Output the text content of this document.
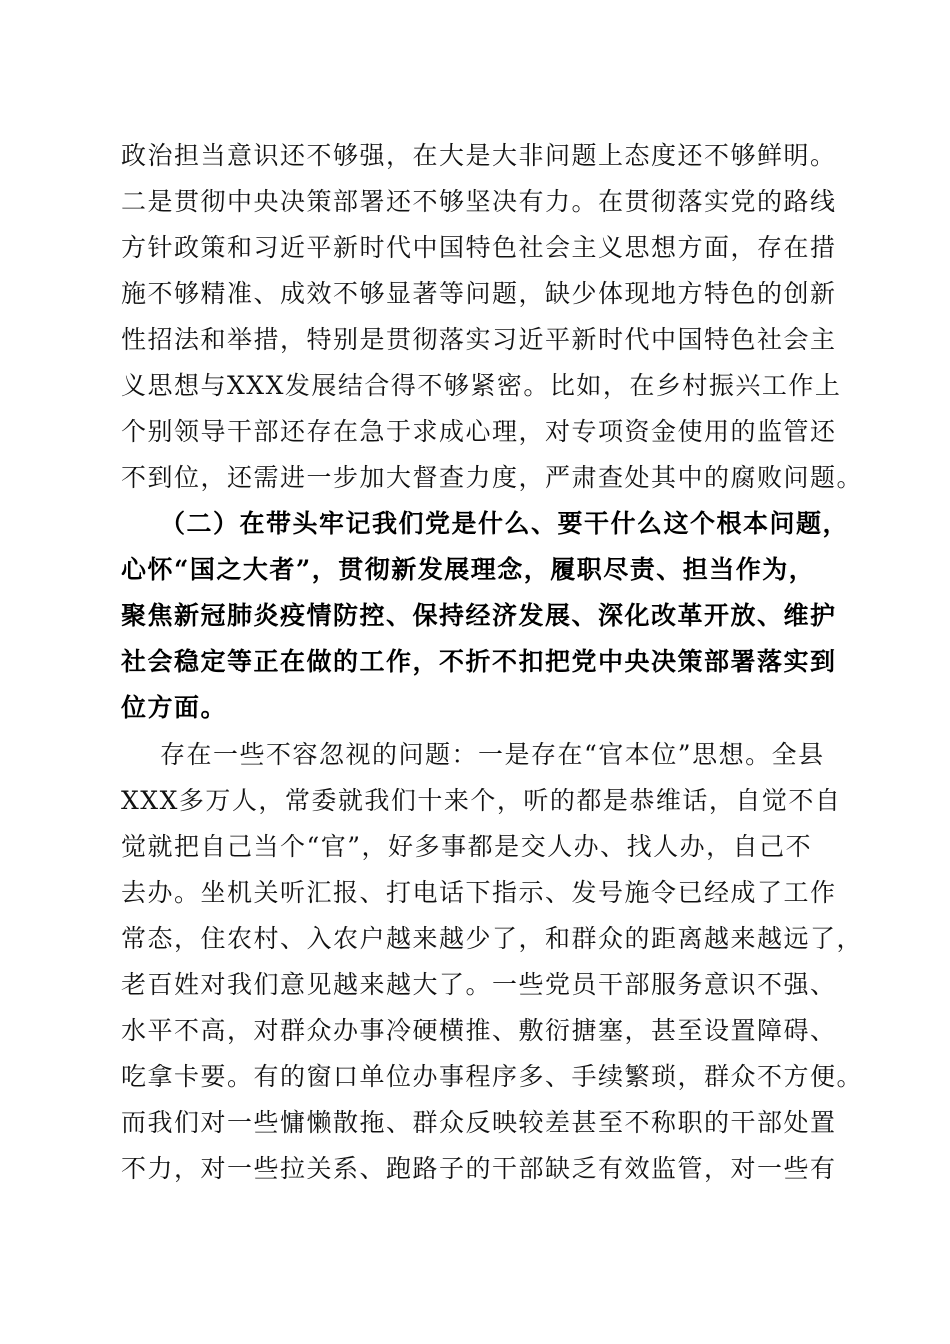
政治担当意识还不够强，在大是大非问题上态度还不够鲜明。
二是贯彻中央决策部署还不够坚决有力。在贯彻落实党的路线
方针政策和习近平新时代中国特色社会主义思想方面，存在措
施不够精准、成效不够显著等问题，缺少体现地方特色的创新
性招法和举措，特别是贯彻落实习近平新时代中国特色社会主
义思想与XXX发展结合得不够紧密。比如，在乡村振兴工作上
个别领导干部还存在急于求成心理，对专项资金使用的监管还
不到位，还需进一步加大督查力度，严肃查处其中的腐败问题。
（二）在带头牢记我们党是什么、要干什么这个根本问题，
心怀“国之大者”，贯彻新发展理念，履职尽责、担当作为，
聚焦新冠肺炎疫情防控、保持经济发展、深化改革开放、维护
社会稳定等正在做的工作，不折不扣把党中央决策部署落实到
位方面。
存在一些不容忽视的问题：一是存在“官本位”思想。全县
XXX多万人，常委就我们十来个，听的都是恭维话，自觉不自
觉就把自己当个“官”，好多事都是交人办、找人办，自己不
去办。坐机关听汇报、打电话下指示、发号施令已经成了工作
常态，住农村、入农户越来越少了，和群众的距离越来越远了，
老百姓对我们意见越来越大了。一些党员干部服务意识不强、
水平不高，对群众办事冷硬横推、敷衍搪塞，甚至设置障碍、
吃拿卡要。有的窗口单位办事程序多、手续繁琐，群众不方便。
而我们对一些慵懒散拖、群众反映较差甚至不称职的干部处置
不力，对一些拉关系、跑路子的干部缺乏有效监管，对一些有
